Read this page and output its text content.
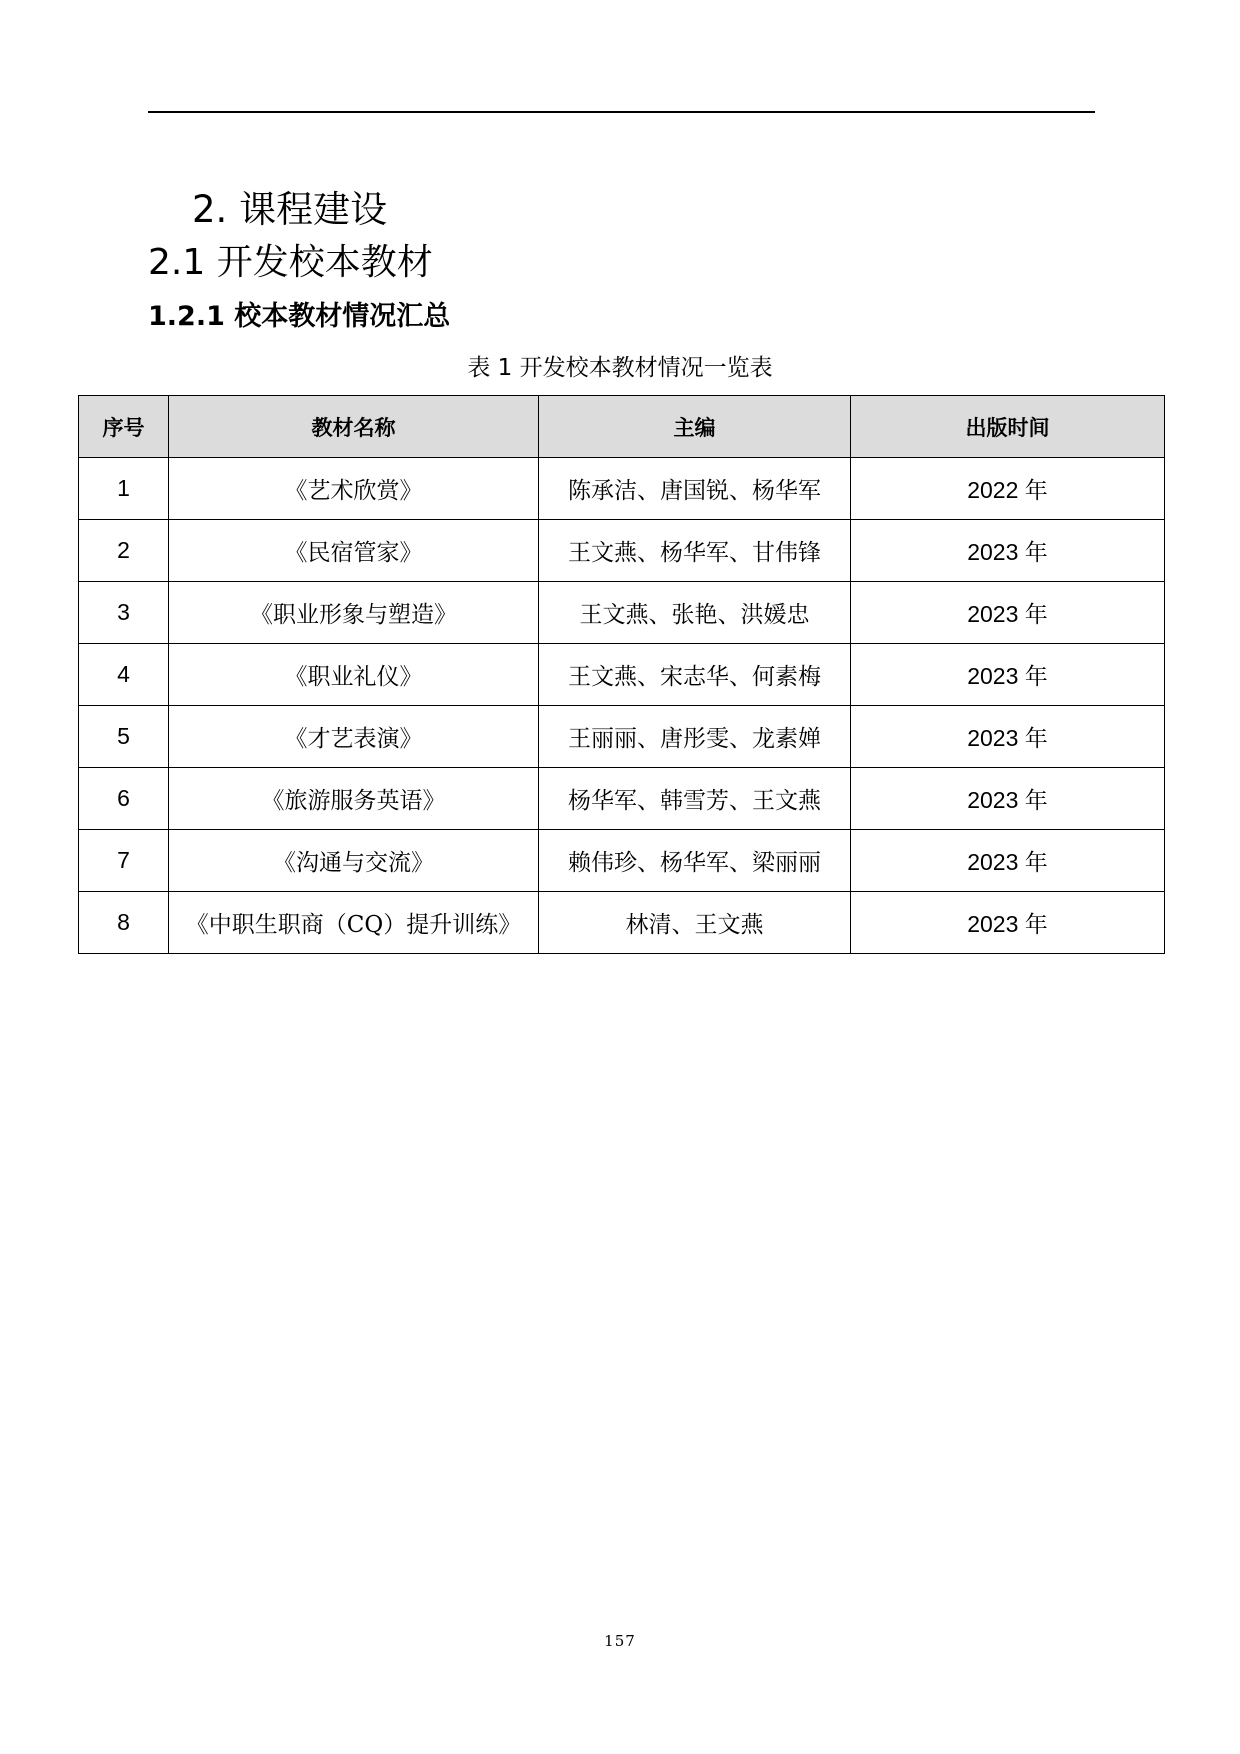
2. 课程建设
2.1 开发校本教材
1.2.1 校本教材情况汇总
表 1 开发校本教材情况一览表
序号	教材名称	主编	出版时间
1	《艺术欣赏》	陈承洁、唐国锐、杨华军	2022 年
2	《民宿管家》	王文燕、杨华军、甘伟锋	2023 年
3	《职业形象与塑造》	王文燕、张艳、洪媛忠	2023 年
4	《职业礼仪》	王文燕、宋志华、何素梅	2023 年
5	《才艺表演》	王丽丽、唐彤雯、龙素婵	2023 年
6	《旅游服务英语》	杨华军、韩雪芳、王文燕	2023 年
7	《沟通与交流》	赖伟珍、杨华军、梁丽丽	2023 年
8	《中职生职商（CQ）提升训练》	林清、王文燕	2023 年
157
